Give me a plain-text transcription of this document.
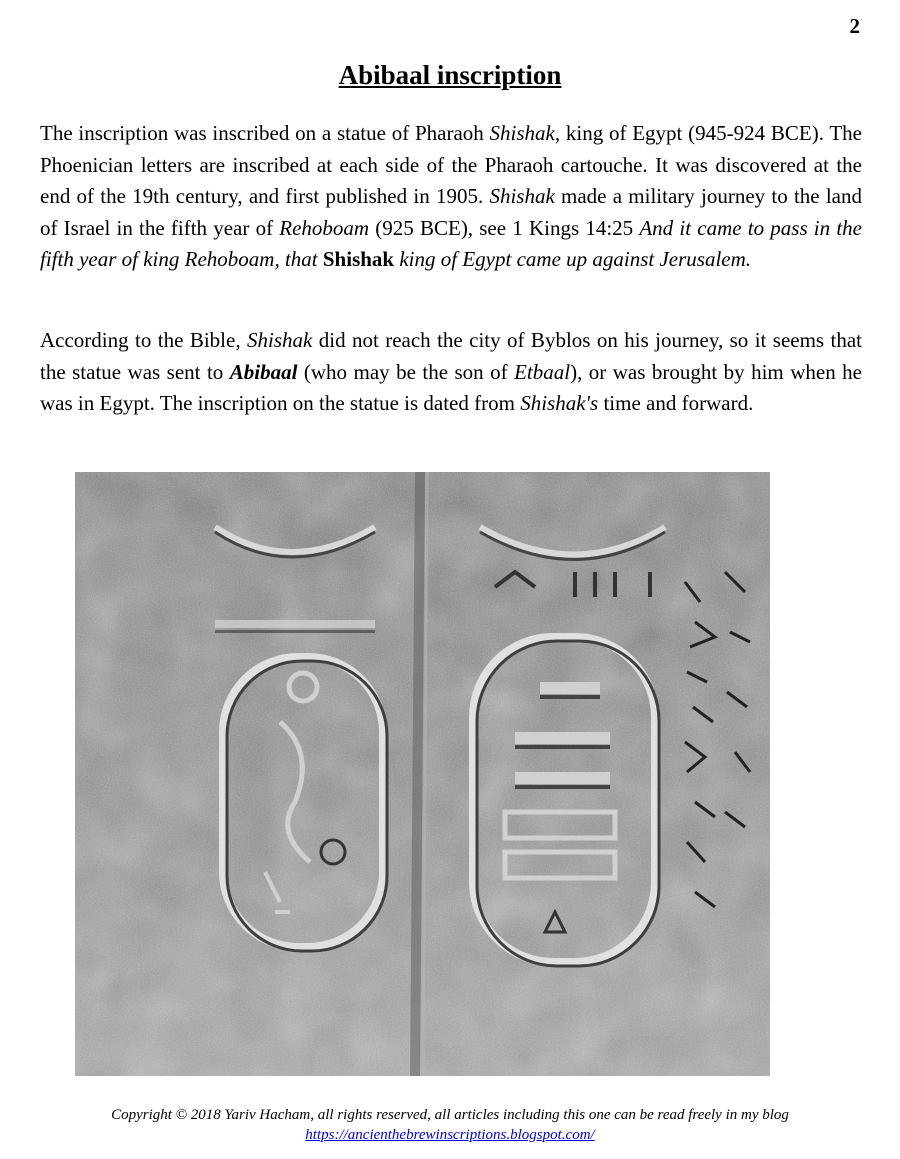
2
Abibaal inscription

The inscription was inscribed on a statue of Pharaoh Shishak, king of Egypt (945-924 BCE). The Phoenician letters are inscribed at each side of the Pharaoh cartouche. It was discovered at the end of the 19th century, and first published in 1905. Shishak made a military journey to the land of Israel in the fifth year of Rehoboam (925 BCE), see 1 Kings 14:25 And it came to pass in the fifth year of king Rehoboam, that Shishak king of Egypt came up against Jerusalem.

According to the Bible, Shishak did not reach the city of Byblos on his journey, so it seems that the statue was sent to Abibaal (who may be the son of Etbaal), or was brought by him when he was in Egypt. The inscription on the statue is dated from Shishak's time and forward.

Copyright © 2018 Yariv Hacham, all rights reserved, all articles including this one can be read freely in my blog
https://ancienthebrewinscriptions.blogspot.com/
